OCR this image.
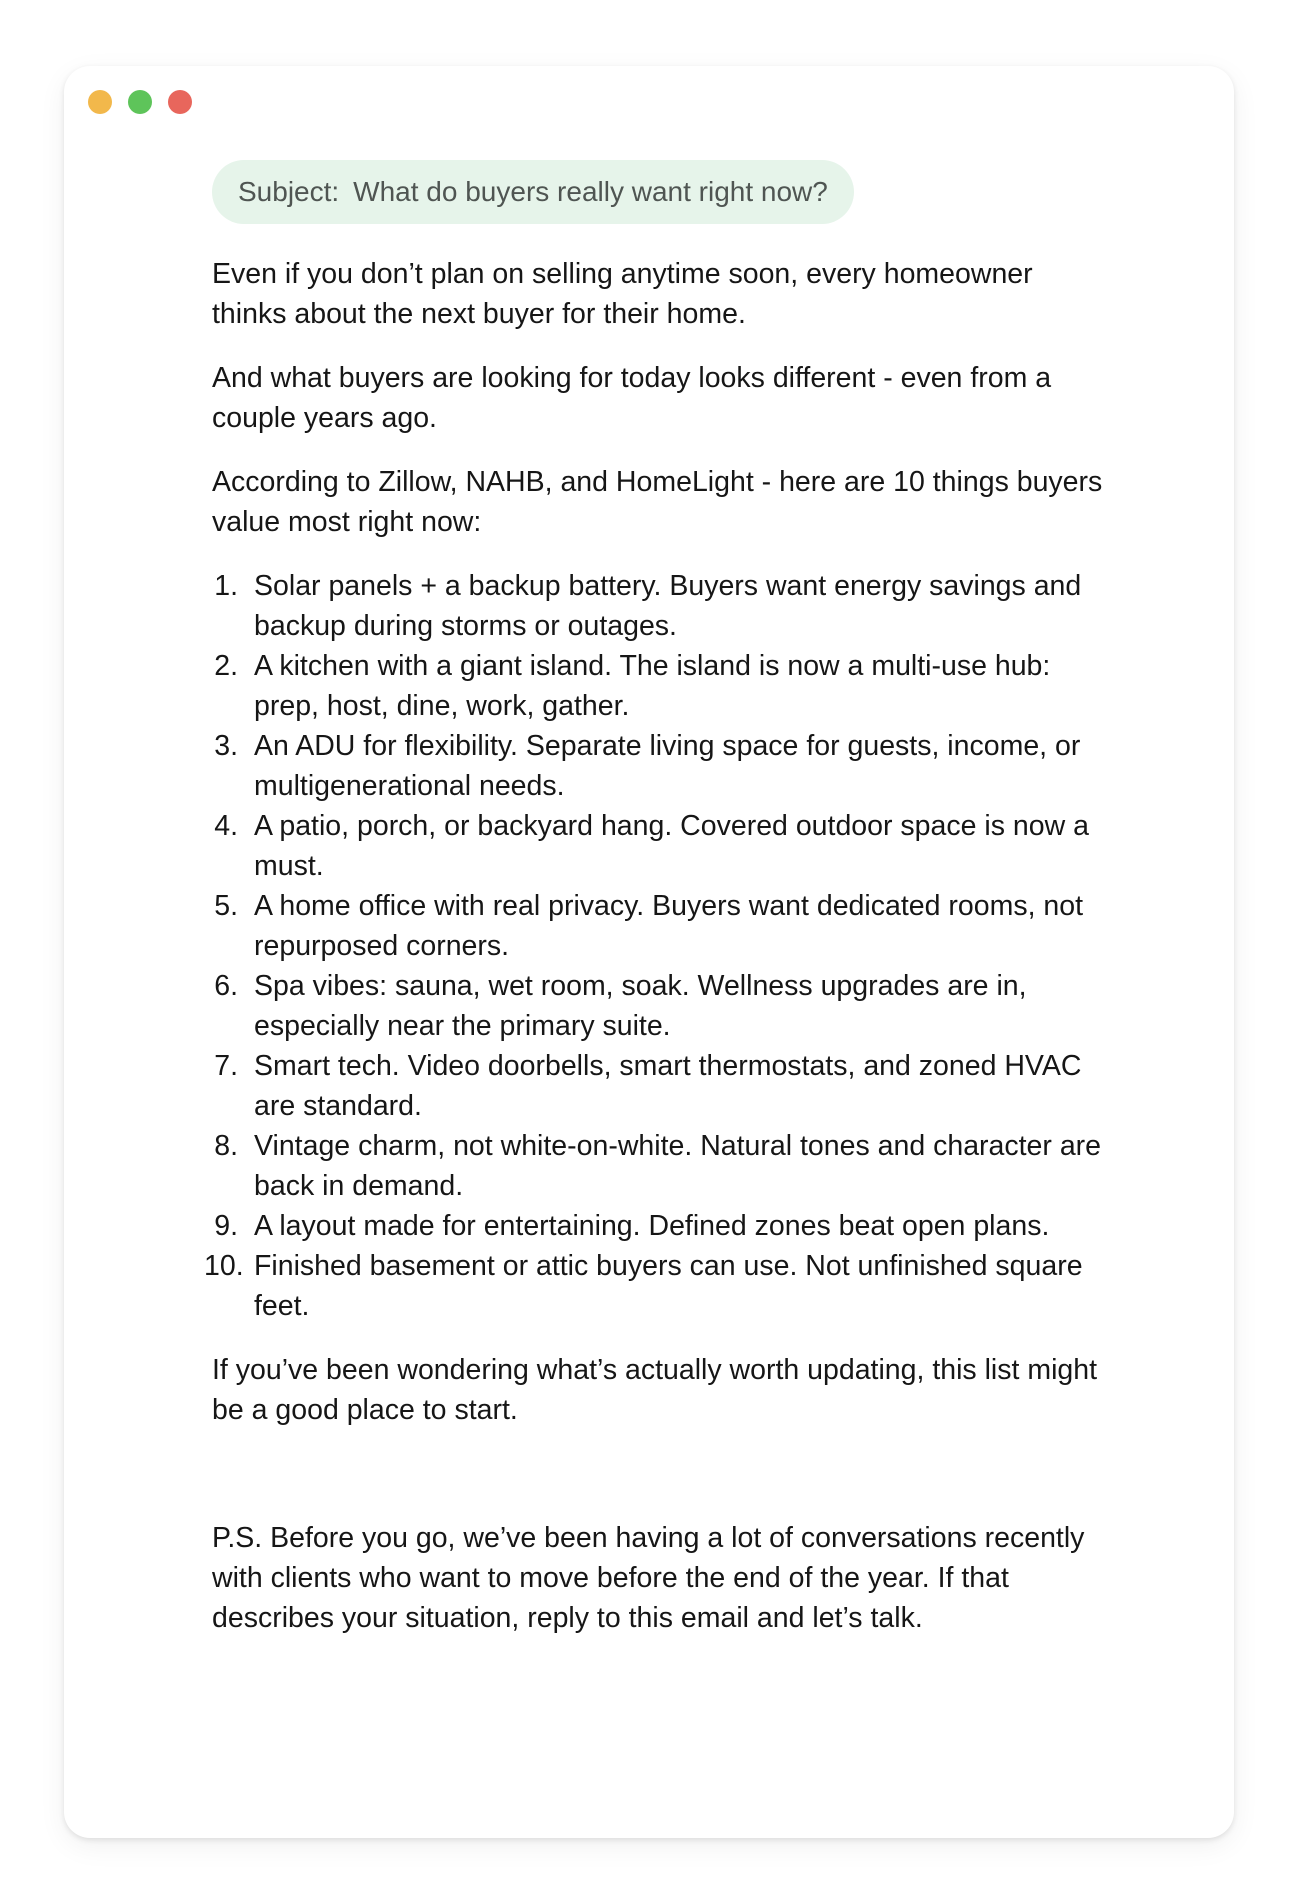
Subject: What do buyers really want right now?

Even if you don’t plan on selling anytime soon, every homeowner thinks about the next buyer for their home.

And what buyers are looking for today looks different - even from a couple years ago.

According to Zillow, NAHB, and HomeLight - here are 10 things buyers value most right now:

1. Solar panels + a backup battery. Buyers want energy savings and backup during storms or outages.
2. A kitchen with a giant island. The island is now a multi-use hub: prep, host, dine, work, gather.
3. An ADU for flexibility. Separate living space for guests, income, or multigenerational needs.
4. A patio, porch, or backyard hang. Covered outdoor space is now a must.
5. A home office with real privacy. Buyers want dedicated rooms, not repurposed corners.
6. Spa vibes: sauna, wet room, soak. Wellness upgrades are in, especially near the primary suite.
7. Smart tech. Video doorbells, smart thermostats, and zoned HVAC are standard.
8. Vintage charm, not white-on-white. Natural tones and character are back in demand.
9. A layout made for entertaining. Defined zones beat open plans.
10. Finished basement or attic buyers can use. Not unfinished square feet.

If you’ve been wondering what’s actually worth updating, this list might be a good place to start.

P.S. Before you go, we’ve been having a lot of conversations recently with clients who want to move before the end of the year. If that describes your situation, reply to this email and let’s talk.
